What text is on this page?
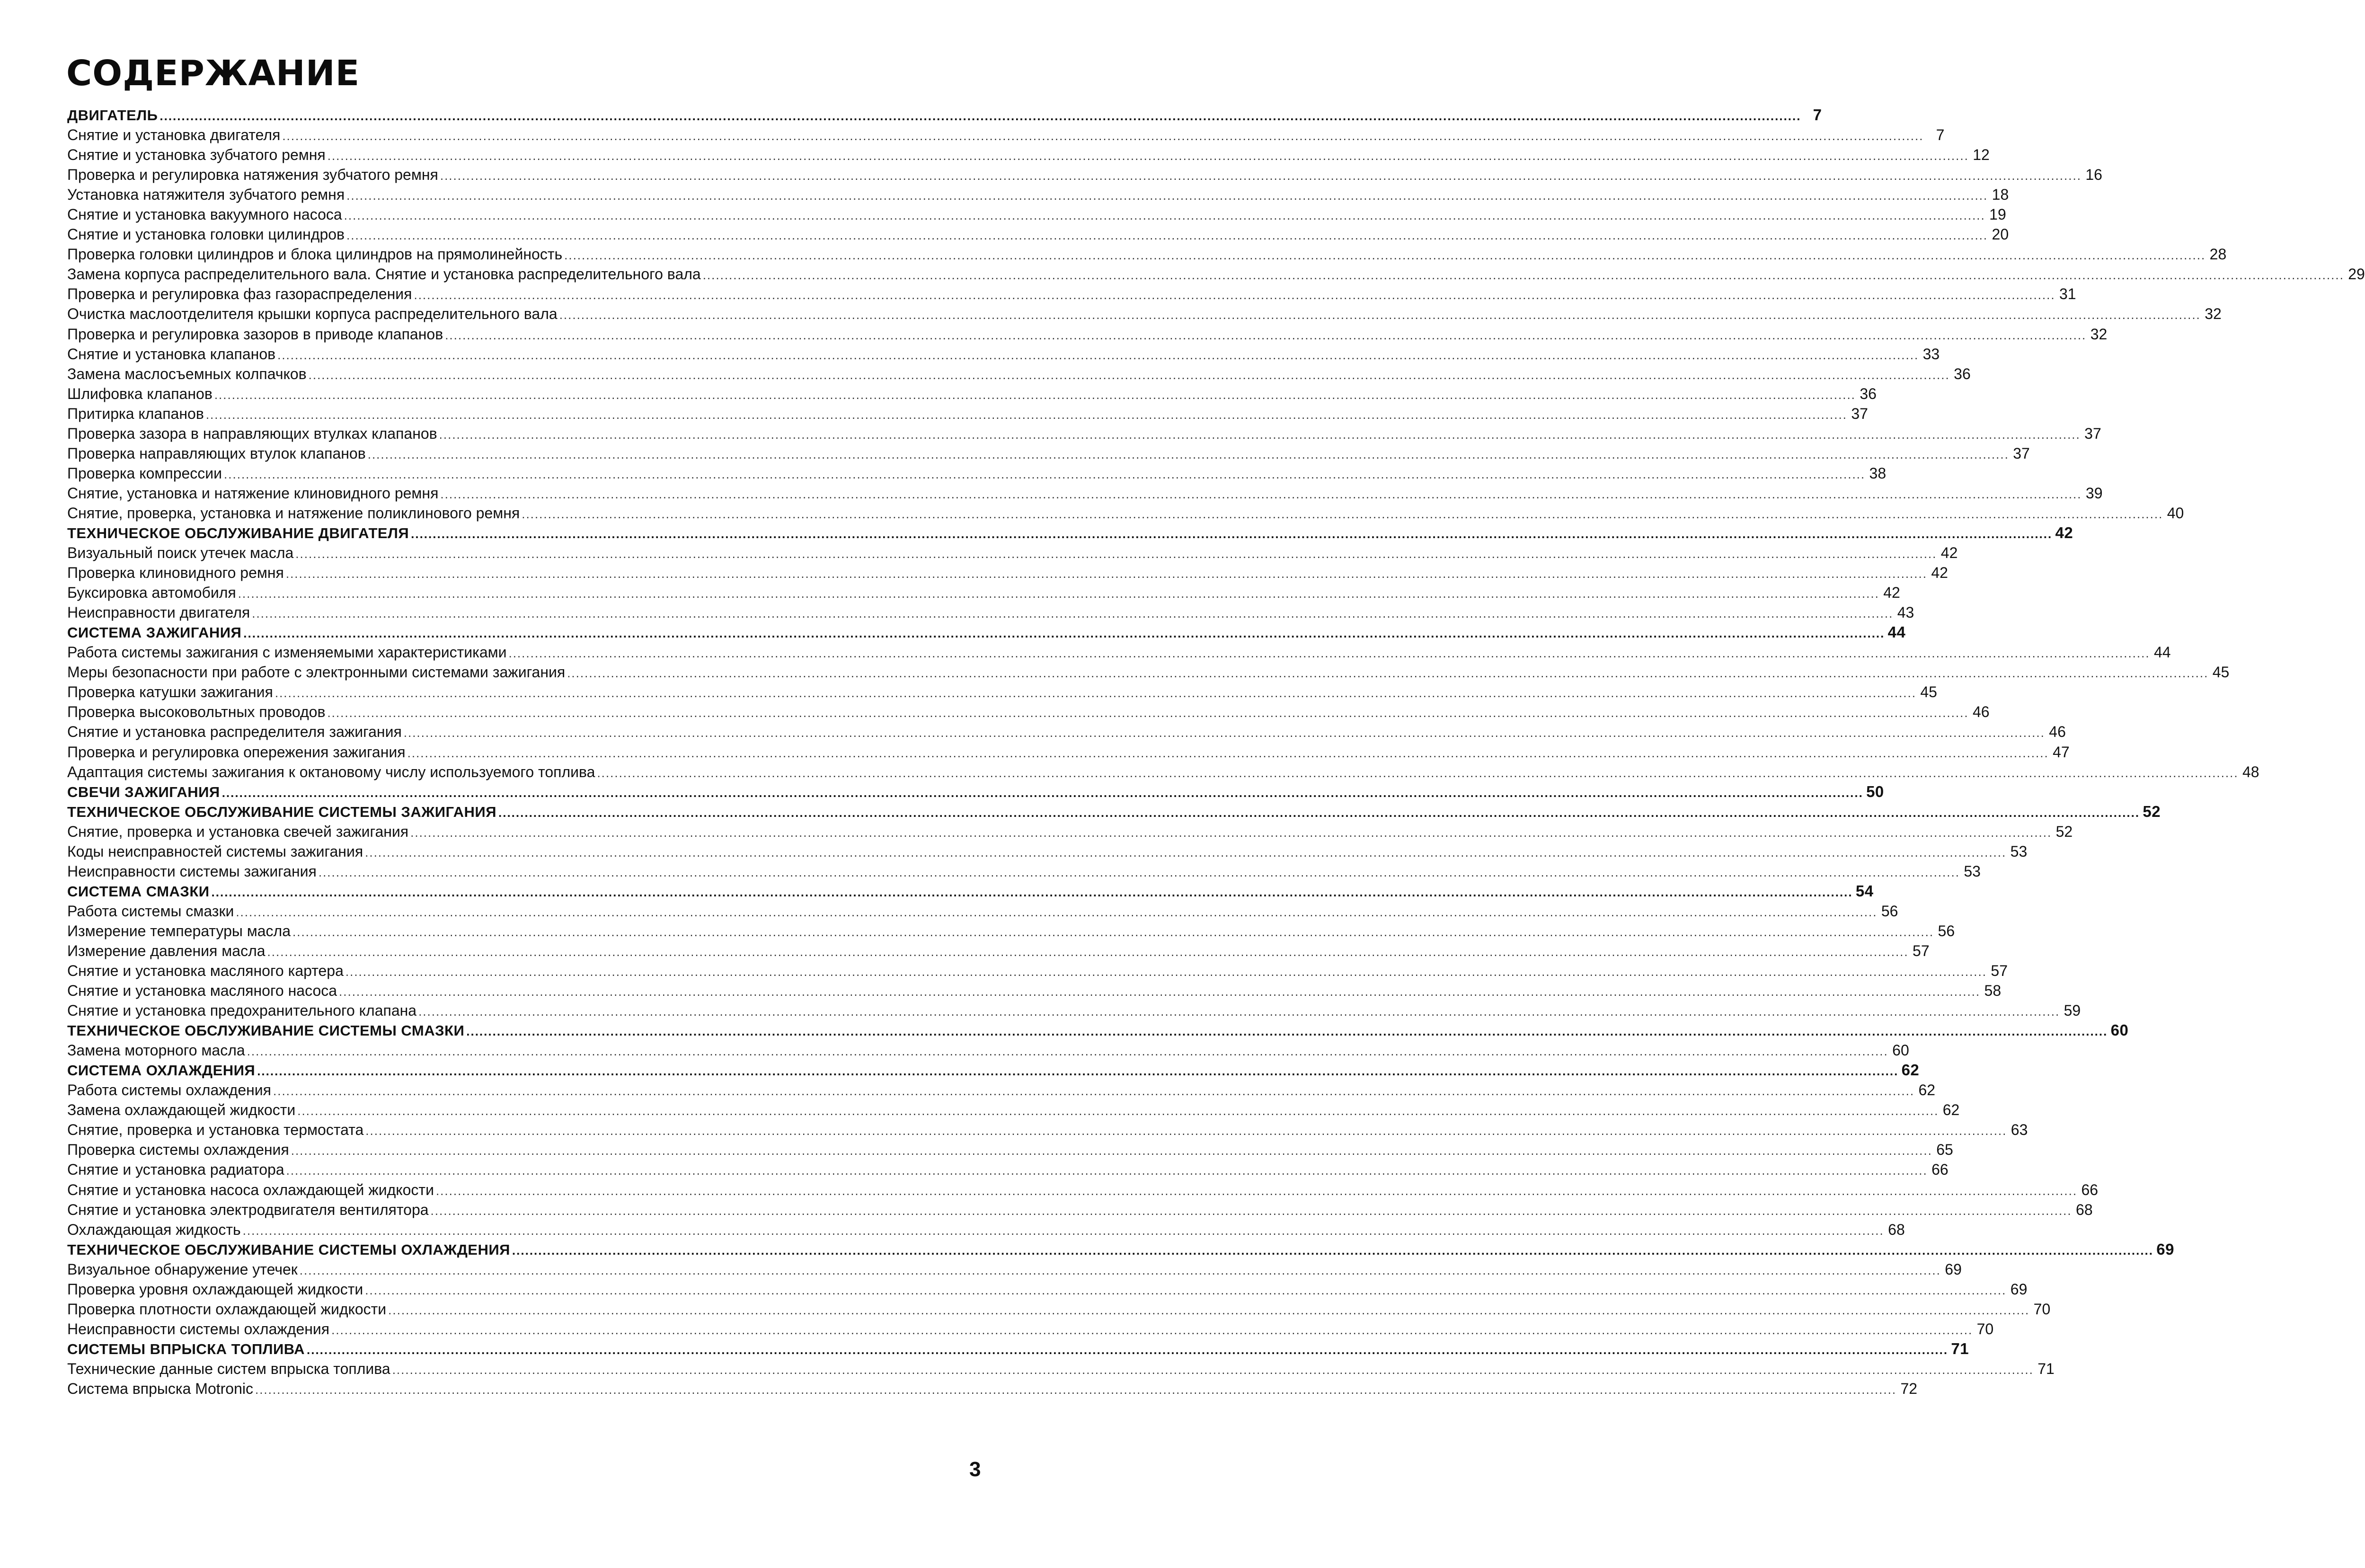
СОДЕРЖАНИЕ
ДВИГАТЕЛЬ .....	7
Снятие и установка двигателя .....	7
Снятие и установка зубчатого ремня .....	12
Проверка и регулировка натяжения зубчатого ремня .....	16
Установка натяжителя зубчатого ремня .....	18
Снятие и установка вакуумного насоса .....	19
Снятие и установка головки цилиндров .....	20
Проверка головки цилиндров и блока цилиндров на прямолинейность .....	28
Замена корпуса распределительного вала. Снятие и установка распределительного вала .....	29
Проверка и регулировка фаз газораспределения .....	31
Очистка маслоотделителя крышки корпуса распределительного вала .....	32
Проверка и регулировка зазоров в приводе клапанов .....	32
Снятие и установка клапанов .....	33
Замена маслосъемных колпачков .....	36
Шлифовка клапанов .....	36
Притирка клапанов .....	37
Проверка зазора в направляющих втулках клапанов .....	37
Проверка направляющих втулок клапанов .....	37
Проверка компрессии .....	38
Снятие, установка и натяжение клиновидного ремня .....	39
Снятие, проверка, установка и натяжение поликлинового ремня .....	40
ТЕХНИЧЕСКОЕ ОБСЛУЖИВАНИЕ ДВИГАТЕЛЯ .....	42
Визуальный поиск утечек масла .....	42
Проверка клиновидного ремня .....	42
Буксировка автомобиля .....	42
Неисправности двигателя .....	43
СИСТЕМА ЗАЖИГАНИЯ .....	44
Работа системы зажигания с изменяемыми характеристиками .....	44
Меры безопасности при работе с электронными системами зажигания .....	45
Проверка катушки зажигания .....	45
Проверка высоковольтных проводов .....	46
Снятие и установка распределителя зажигания .....	46
Проверка и регулировка опережения зажигания .....	47
Адаптация системы зажигания к октановому числу используемого топлива .....	48
СВЕЧИ ЗАЖИГАНИЯ .....	50
ТЕХНИЧЕСКОЕ ОБСЛУЖИВАНИЕ СИСТЕМЫ ЗАЖИГАНИЯ .....	52
Снятие, проверка и установка свечей зажигания .....	52
Коды неисправностей системы зажигания .....	53
Неисправности системы зажигания .....	53
СИСТЕМА СМАЗКИ .....	54
Работа системы смазки .....	56
Измерение температуры масла .....	56
Измерение давления масла .....	57
Снятие и установка масляного картера .....	57
Снятие и установка масляного насоса .....	58
Снятие и установка предохранительного клапана .....	59
ТЕХНИЧЕСКОЕ ОБСЛУЖИВАНИЕ СИСТЕМЫ СМАЗКИ .....	60
Замена моторного масла .....	60
СИСТЕМА ОХЛАЖДЕНИЯ .....	62
Работа системы охлаждения .....	62
Замена охлаждающей жидкости .....	62
Снятие, проверка и установка термостата .....	63
Проверка системы охлаждения .....	65
Снятие и установка радиатора .....	66
Снятие и установка насоса охлаждающей жидкости .....	66
Снятие и установка электродвигателя вентилятора .....	68
Охлаждающая жидкость .....	68
ТЕХНИЧЕСКОЕ ОБСЛУЖИВАНИЕ СИСТЕМЫ ОХЛАЖДЕНИЯ .....	69
Визуальное обнаружение утечек .....	69
Проверка уровня охлаждающей жидкости .....	69
Проверка плотности охлаждающей жидкости .....	70
Неисправности системы охлаждения .....	70
СИСТЕМЫ ВПРЫСКА ТОПЛИВА .....	71
Технические данные систем впрыска топлива .....	71
Система впрыска Motronic .....	72
3
